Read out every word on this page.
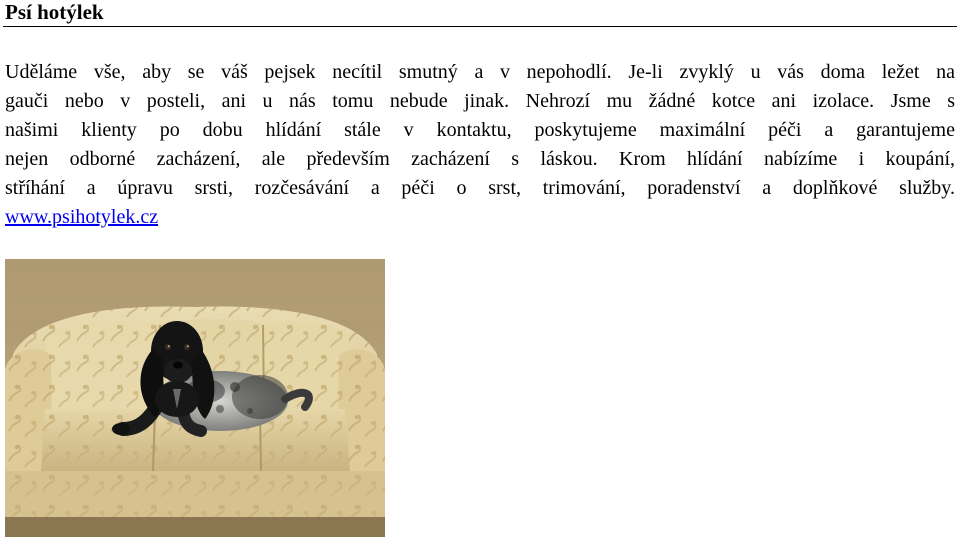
Psí hotýlek
Uděláme vše, aby se váš pejsek necítil smutný a v nepohodlí. Je-li zvyklý u vás doma ležet na
gauči nebo v posteli, ani u nás tomu nebude jinak. Nehrozí mu žádné kotce ani izolace. Jsme s
našimi klienty po dobu hlídání stále v kontaktu, poskytujeme maximální péči a garantujeme
nejen odborné zacházení, ale především zacházení s láskou. Krom hlídání nabízíme i koupání,
stříhání a úpravu srsti, rozčesávání a péči o srst, trimování, poradenství a doplňkové služby.
www.psihotylek.cz
